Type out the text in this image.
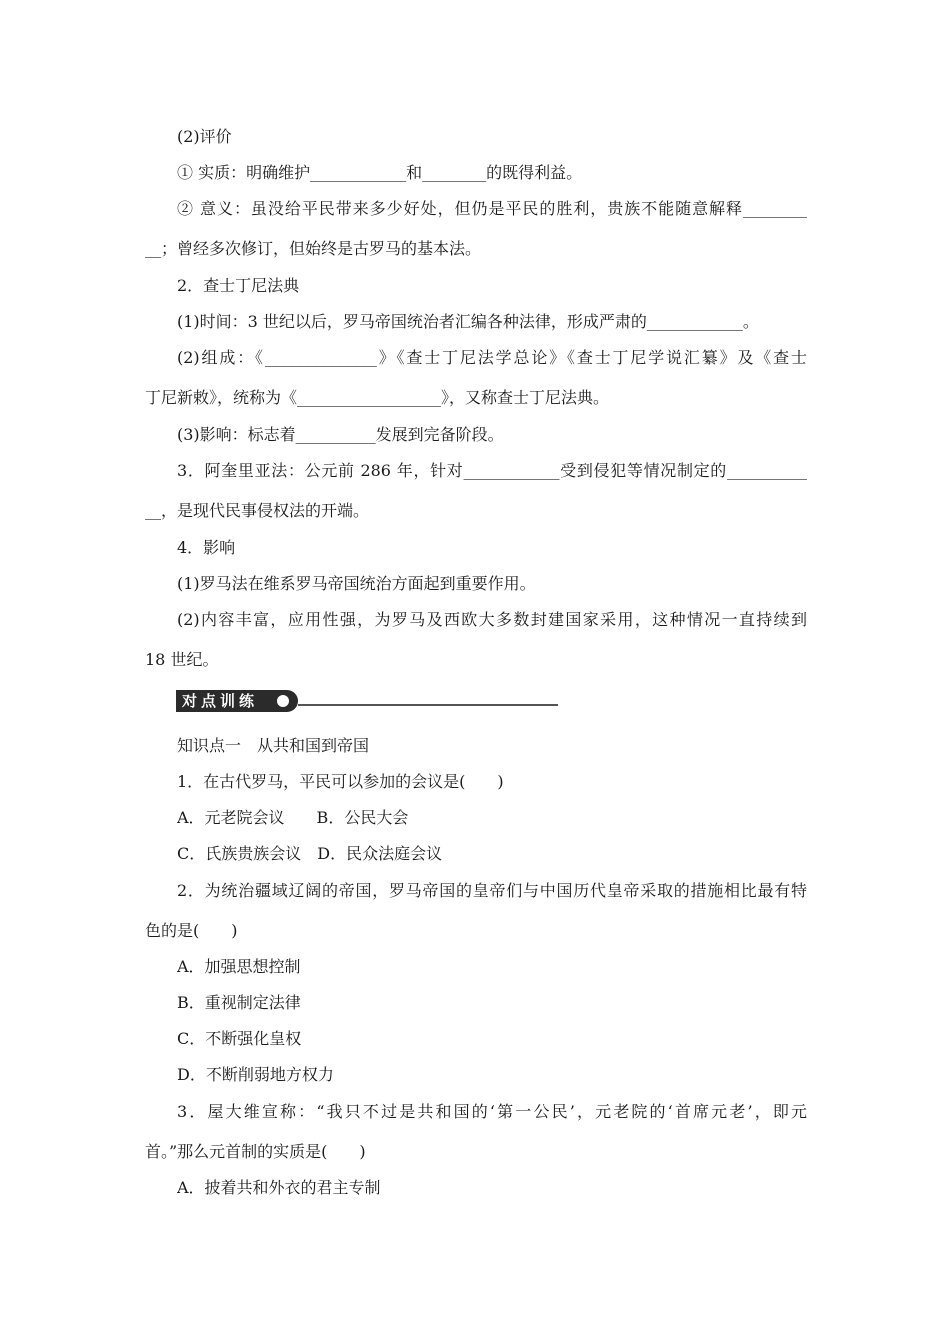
(2)评价
① 实质：明确维护____________和________的既得利益。
② 意义：虽没给平民带来多少好处，但仍是平民的胜利，贵族不能随意解释________
__；曾经多次修订，但始终是古罗马的基本法。
2．查士丁尼法典
(1)时间：3 世纪以后，罗马帝国统治者汇编各种法律，形成严肃的____________。
(2)组成：《______________》《查士丁尼法学总论》《查士丁尼学说汇纂》及《查士
丁尼新敕》，统称为《__________________》，又称查士丁尼法典。
(3)影响：标志着__________发展到完备阶段。
3．阿奎里亚法：公元前 286 年，针对____________受到侵犯等情况制定的__________
__，是现代民事侵权法的开端。
4．影响
(1)罗马法在维系罗马帝国统治方面起到重要作用。
(2)内容丰富，应用性强，为罗马及西欧大多数封建国家采用，这种情况一直持续到
18 世纪。
对点训练
知识点一　从共和国到帝国
1．在古代罗马，平民可以参加的会议是(　　)
A．元老院会议　　B．公民大会
C．氏族贵族会议　D．民众法庭会议
2．为统治疆域辽阔的帝国，罗马帝国的皇帝们与中国历代皇帝采取的措施相比最有特
色的是(　　)
A．加强思想控制
B．重视制定法律
C．不断强化皇权
D．不断削弱地方权力
3．屋大维宣称：“我只不过是共和国的‘第一公民’，元老院的‘首席元老’，即元
首。”那么元首制的实质是(　　)
A．披着共和外衣的君主专制
